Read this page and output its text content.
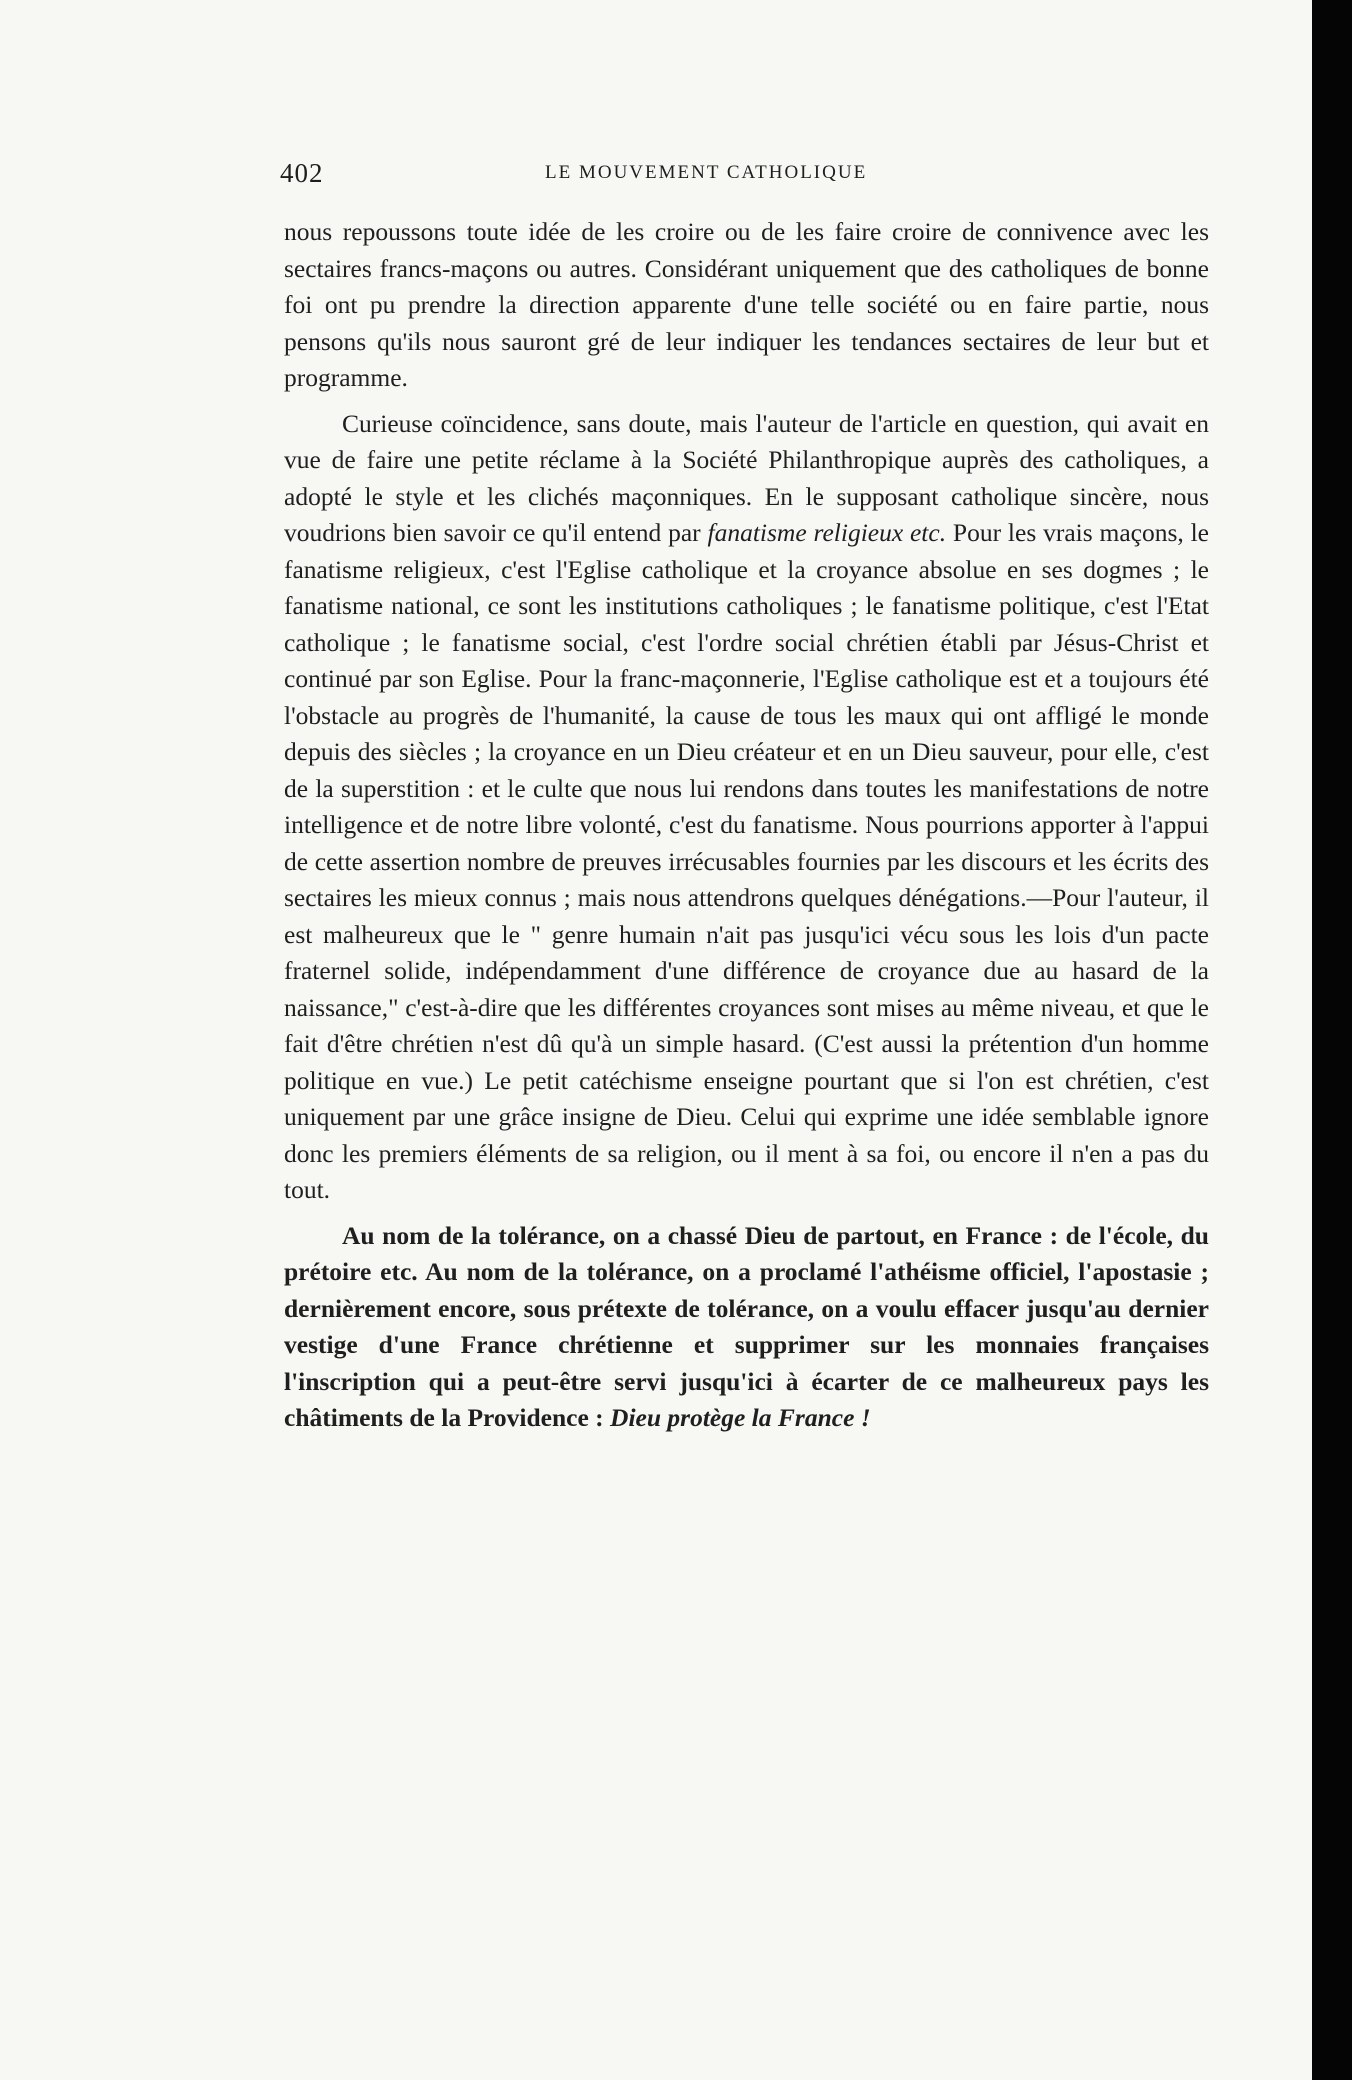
402	LE MOUVEMENT CATHOLIQUE

nous repoussons toute idée de les croire ou de les faire croire de connivence avec les sectaires francs-maçons ou autres. Considérant uniquement que des catholiques de bonne foi ont pu prendre la direction apparente d'une telle société ou en faire partie, nous pensons qu'ils nous sauront gré de leur indiquer les tendances sectaires de leur but et programme.

Curieuse coïncidence, sans doute, mais l'auteur de l'article en question, qui avait en vue de faire une petite réclame à la Société Philanthropique auprès des catholiques, a adopté le style et les clichés maçonniques. En le supposant catholique sincère, nous voudrions bien savoir ce qu'il entend par fanatisme religieux etc. Pour les vrais maçons, le fanatisme religieux, c'est l'Eglise catholique et la croyance absolue en ses dogmes ; le fanatisme national, ce sont les institutions catholiques ; le fanatisme politique, c'est l'Etat catholique ; le fanatisme social, c'est l'ordre social chrétien établi par Jésus-Christ et continué par son Eglise. Pour la franc-maçonnerie, l'Eglise catholique est et a toujours été l'obstacle au progrès de l'humanité, la cause de tous les maux qui ont affligé le monde depuis des siècles ; la croyance en un Dieu créateur et en un Dieu sauveur, pour elle, c'est de la superstition : et le culte que nous lui rendons dans toutes les manifestations de notre intelligence et de notre libre volonté, c'est du fanatisme. Nous pourrions apporter à l'appui de cette assertion nombre de preuves irrécusables fournies par les discours et les écrits des sectaires les mieux connus ; mais nous attendrons quelques dénégations.—Pour l'auteur, il est malheureux que le " genre humain n'ait pas jusqu'ici vécu sous les lois d'un pacte fraternel solide, indépendamment d'une différence de croyance due au hasard de la naissance," c'est-à-dire que les différentes croyances sont mises au même niveau, et que le fait d'être chrétien n'est dû qu'à un simple hasard. (C'est aussi la prétention d'un homme politique en vue.) Le petit catéchisme enseigne pourtant que si l'on est chrétien, c'est uniquement par une grâce insigne de Dieu. Celui qui exprime une idée semblable ignore donc les premiers éléments de sa religion, ou il ment à sa foi, ou encore il n'en a pas du tout.

Au nom de la tolérance, on a chassé Dieu de partout, en France : de l'école, du prétoire etc. Au nom de la tolérance, on a proclamé l'athéisme officiel, l'apostasie ; dernièrement encore, sous prétexte de tolérance, on a voulu effacer jusqu'au dernier vestige d'une France chrétienne et supprimer sur les monnaies françaises l'inscription qui a peut-être servi jusqu'ici à écarter de ce malheureux pays les châtiments de la Providence : Dieu protège la France !
